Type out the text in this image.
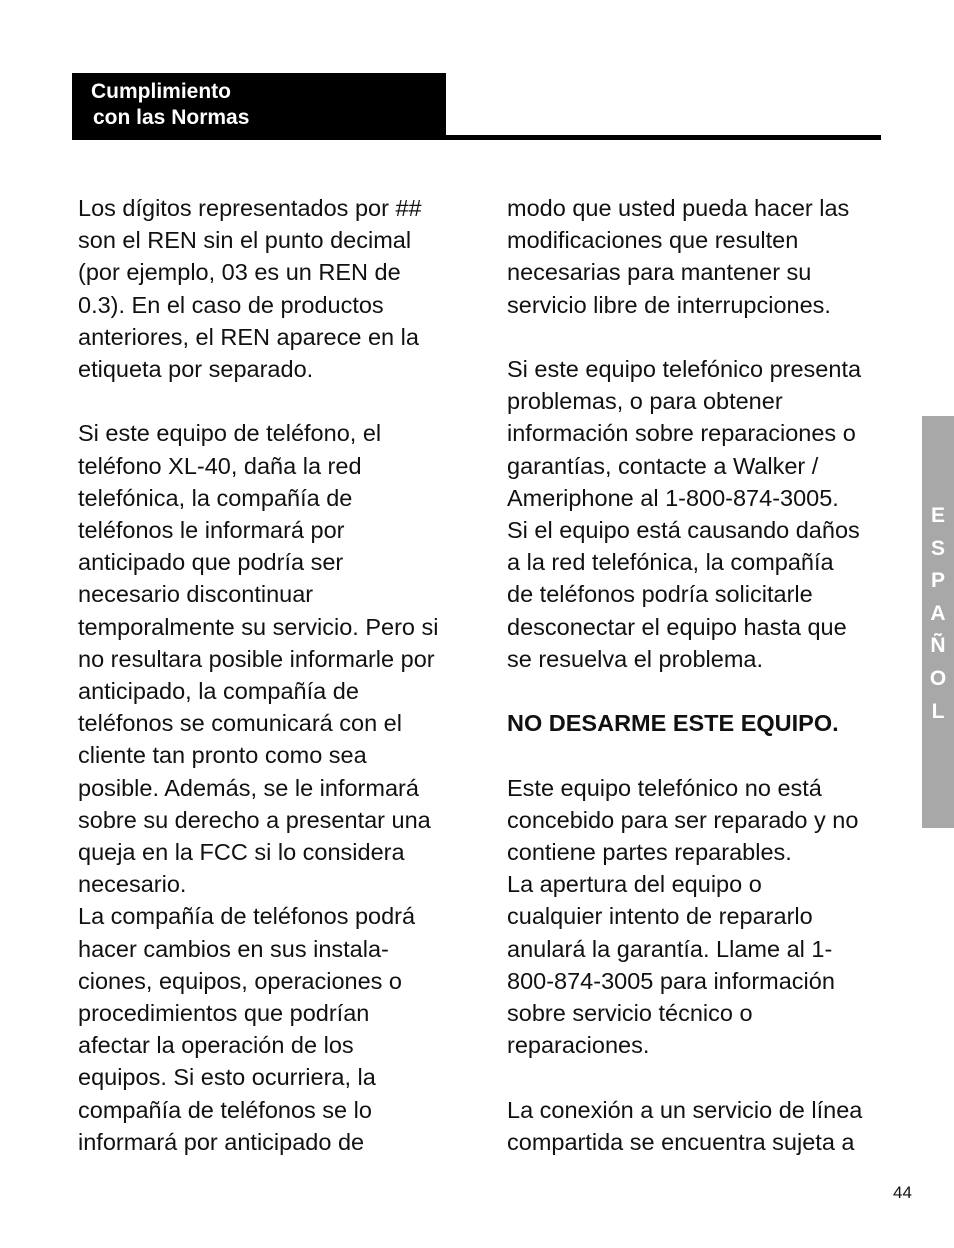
Cumplimiento
con las Normas
Los dígitos representados por ##
son el REN sin el punto decimal
(por ejemplo, 03 es un REN de
0.3). En el caso de productos
anteriores, el REN aparece en la
etiqueta por separado.
Si este equipo de teléfono, el
teléfono XL-40, daña la red
telefónica, la compañía de
teléfonos le informará por
anticipado que podría ser
necesario discontinuar
temporalmente su servicio. Pero si
no resultara posible informarle por
anticipado, la compañía de
teléfonos se comunicará con el
cliente tan pronto como sea
posible. Además, se le informará
sobre su derecho a presentar una
queja en la FCC si lo considera
necesario.
La compañía de teléfonos podrá
hacer cambios en sus instala-
ciones, equipos, operaciones o
procedimientos que podrían
afectar la operación de los
equipos. Si esto ocurriera, la
compañía de teléfonos se lo
informará por anticipado de
modo que usted pueda hacer las
modificaciones que resulten
necesarias para mantener su
servicio libre de interrupciones.
Si este equipo telefónico presenta
problemas, o para obtener
información sobre reparaciones o
garantías, contacte a Walker /
Ameriphone al 1-800-874-3005.
Si el equipo está causando daños
a la red telefónica, la compañía
de teléfonos podría solicitarle
desconectar el equipo hasta que
se resuelva el problema.
NO DESARME ESTE EQUIPO.
Este equipo telefónico no está
concebido para ser reparado y no
contiene partes reparables.
La apertura del equipo o
cualquier intento de repararlo
anulará la garantía. Llame al 1-
800-874-3005 para información
sobre servicio técnico o
reparaciones.
La conexión a un servicio de línea
compartida se encuentra sujeta a
E
S
P
A
Ñ
O
L
44
